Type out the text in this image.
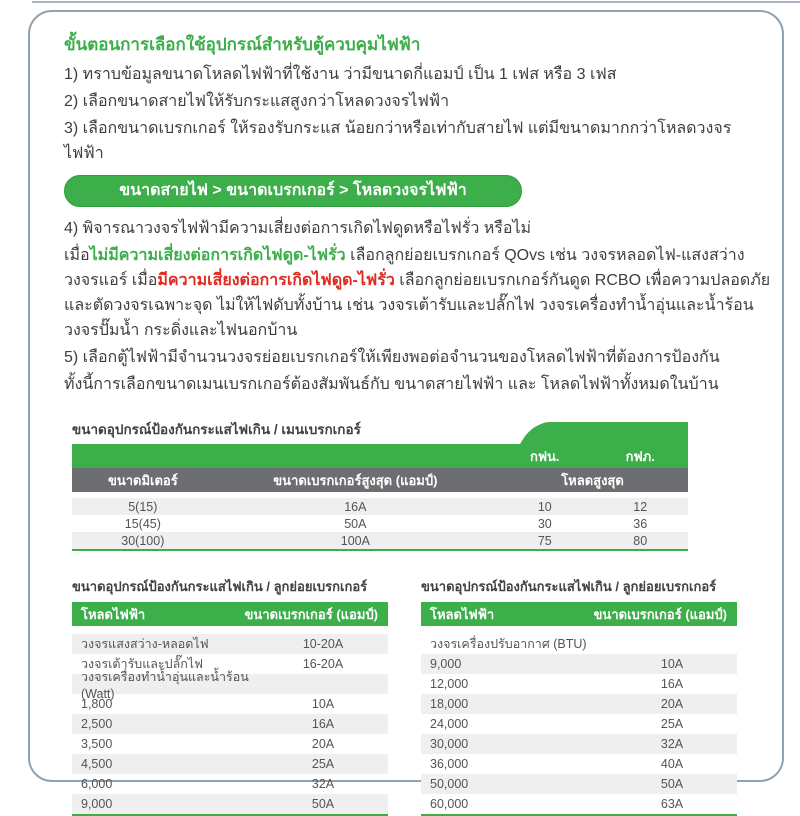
ขั้นตอนการเลือกใช้อุปกรณ์สำหรับตู้ควบคุมไฟฟ้า

1) ทราบข้อมูลขนาดโหลดไฟฟ้าที่ใช้งาน ว่ามีขนาดกี่แอมป์ เป็น 1 เฟส หรือ 3 เฟส

2) เลือกขนาดสายไฟให้รับกระแสสูงกว่าโหลดวงจรไฟฟ้า

3) เลือกขนาดเบรกเกอร์ ให้รองรับกระแส น้อยกว่าหรือเท่ากับสายไฟ แต่มีขนาดมากกว่าโหลดวงจรไฟฟ้า

ขนาดสายไฟ > ขนาดเบรกเกอร์ > โหลดวงจรไฟฟ้า

4) พิจารณาวงจรไฟฟ้ามีความเสี่ยงต่อการเกิดไฟดูดหรือไฟรั่ว หรือไม่

เมื่อไม่มีความเสี่ยงต่อการเกิดไฟดูด-ไฟรั่ว เลือกลูกย่อยเบรกเกอร์ QOvs เช่น วงจรหลอดไฟ-แสงสว่าง วงจรแอร์ เมื่อมีความเสี่ยงต่อการเกิดไฟดูด-ไฟรั่ว เลือกลูกย่อยเบรกเกอร์กันดูด RCBO เพื่อความปลอดภัยและตัดวงจรเฉพาะจุด ไม่ให้ไฟดับทั้งบ้าน เช่น วงจรเต้ารับและปลั๊กไฟ วงจรเครื่องทำน้ำอุ่นและน้ำร้อน วงจรปั๊มน้ำ กระดิ่งและไฟนอกบ้าน

5) เลือกตู้ไฟฟ้ามีจำนวนวงจรย่อยเบรกเกอร์ให้เพียงพอต่อจำนวนของโหลดไฟฟ้าที่ต้องการป้องกัน

ทั้งนี้การเลือกขนาดเมนเบรกเกอร์ต้องสัมพันธ์กับ ขนาดสายไฟฟ้า และ โหลดไฟฟ้าทั้งหมดในบ้าน

ขนาดอุปกรณ์ป้องกันกระแสไฟเกิน / เมนเบรกเกอร์
กฟน.	กฟภ.
ขนาดมิเตอร์	ขนาดเบรกเกอร์สูงสุด (แอมป์)	โหลดสูงสุด
5(15)	16A	10	12
15(45)	50A	30	36
30(100)	100A	75	80
ขนาดอุปกรณ์ป้องกันกระแสไฟเกิน / ลูกย่อยเบรกเกอร์
โหลดไฟฟ้า	ขนาดเบรกเกอร์ (แอมป์)
วงจรแสงสว่าง-หลอดไฟ	10-20A
วงจรเต้ารับและปลั๊กไฟ	16-20A
วงจรเครื่องทำน้ำอุ่นและน้ำร้อน (Watt)
1,800	10A
2,500	16A
3,500	20A
4,500	25A
6,000	32A
9,000	50A
ขนาดอุปกรณ์ป้องกันกระแสไฟเกิน / ลูกย่อยเบรกเกอร์
โหลดไฟฟ้า	ขนาดเบรกเกอร์ (แอมป์)
วงจรเครื่องปรับอากาศ (BTU)
9,000	10A
12,000	16A
18,000	20A
24,000	25A
30,000	32A
36,000	40A
50,000	50A
60,000	63A
